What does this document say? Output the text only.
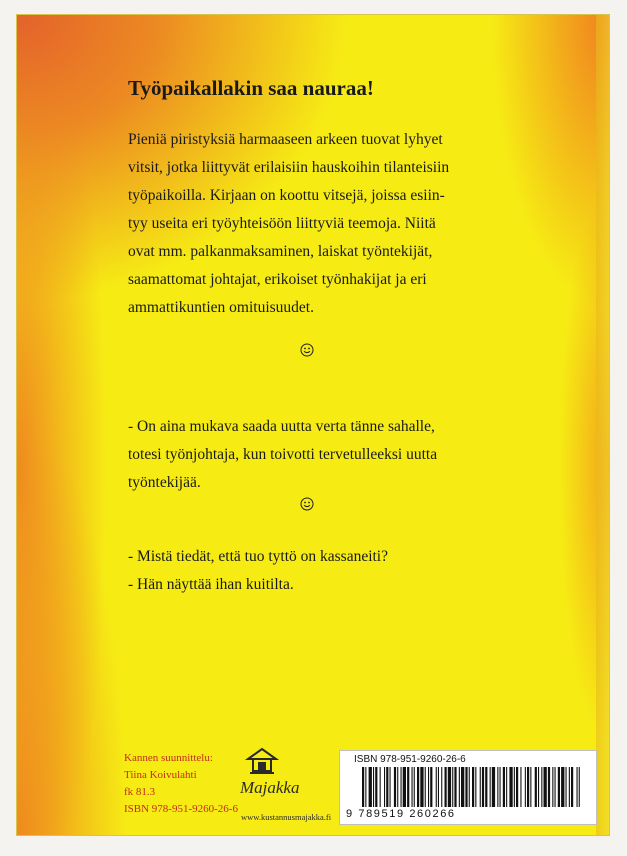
Työpaikallakin saa nauraa!
Pieniä piristyksiä harmaaseen arkeen tuovat lyhyet
vitsit, jotka liittyvät erilaisiin hauskoihin tilanteisiin
työpaikoilla. Kirjaan on koottu vitsejä, joissa esiin-
tyy useita eri työyhteisöön liittyviä teemoja. Niitä
ovat mm. palkanmaksaminen, laiskat työntekijät,
saamattomat johtajat, erikoiset työnhakijat ja eri
ammattikuntien omituisuudet.
- On aina mukava saada uutta verta tänne sahalle,
totesi työnjohtaja, kun toivotti tervetulleeksi uutta
työntekijää.
- Mistä tiedät, että tuo tyttö on kassaneiti?
- Hän näyttää ihan kuitilta.
Kannen suunnittelu:
Tiina Koivulahti
fk 81.3
ISBN 978-951-9260-26-6
Majakka
www.kustannusmajakka.fi
ISBN 978-951-9260-26-6
9 789519 260266
